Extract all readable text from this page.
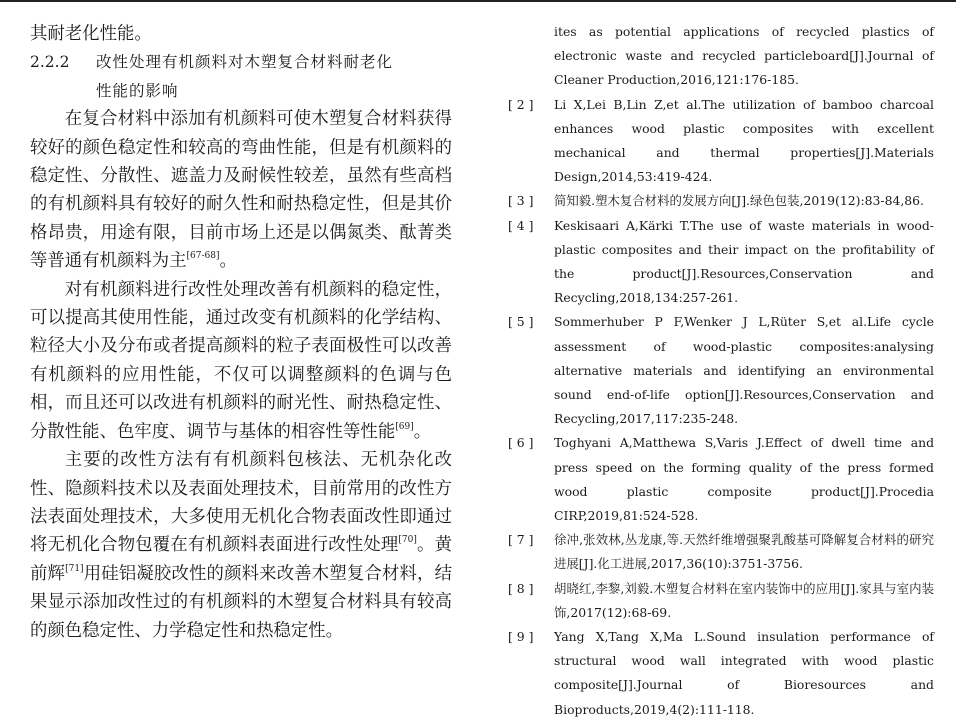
其耐老化性能。

2.2.2 改性处理有机颜料对木塑复合材料耐老化
性能的影响

在复合材料中添加有机颜料可使木塑复合材料获得较好的颜色稳定性和较高的弯曲性能，但是有机颜料的稳定性、分散性、遮盖力及耐候性较差，虽然有些高档的有机颜料具有较好的耐久性和耐热稳定性，但是其价格昂贵，用途有限，目前市场上还是以偶氮类、酞菁类等普通有机颜料为主[67-68]。

对有机颜料进行改性处理改善有机颜料的稳定性，可以提高其使用性能，通过改变有机颜料的化学结构、粒径大小及分布或者提高颜料的粒子表面极性可以改善有机颜料的应用性能，不仅可以调整颜料的色调与色相，而且还可以改进有机颜料的耐光性、耐热稳定性、分散性能、色牢度、调节与基体的相容性等性能[69]。

主要的改性方法有有机颜料包核法、无机杂化改性、隐颜料技术以及表面处理技术，目前常用的改性方法表面处理技术，大多使用无机化合物表面改性即通过将无机化合物包覆在有机颜料表面进行改性处理[70]。黄前辉[71]用硅铝凝胶改性的颜料来改善木塑复合材料，结果显示添加改性过的有机颜料的木塑复合材料具有较高的颜色稳定性、力学稳定性和热稳定性。

ites as potential applications of recycled plastics of electronic waste and recycled particleboard[J].Journal of Cleaner Production,2016,121:176-185.

[ 2 ]	Li X,Lei B,Lin Z,et al.The utilization of bamboo charcoal enhances wood plastic composites with excellent mechanical and thermal properties[J].Materials Design,2014,53:419-424.
[ 3 ]	简知毅.塑木复合材料的发展方向[J].绿色包装,2019(12):83-84,86.
[ 4 ]	Keskisaari A,Kärki T.The use of waste materials in wood-plastic composites and their impact on the profitability of the product[J].Resources,Conservation and Recycling,2018,134:257-261.
[ 5 ]	Sommerhuber P F,Wenker J L,Rüter S,et al.Life cycle assessment of wood-plastic composites:analysing alternative materials and identifying an environmental sound end-of-life option[J].Resources,Conservation and Recycling,2017,117:235-248.
[ 6 ]	Toghyani A,Matthewa S,Varis J.Effect of dwell time and press speed on the forming quality of the press formed wood plastic composite product[J].Procedia CIRP,2019,81:524-528.
[ 7 ]	徐冲,张效林,丛龙康,等.天然纤维增强聚乳酸基可降解复合材料的研究进展[J].化工进展,2017,36(10):3751-3756.
[ 8 ]	胡晓红,李黎,刘毅.木塑复合材料在室内装饰中的应用[J].家具与室内装饰,2017(12):68-69.
[ 9 ]	Yang X,Tang X,Ma L.Sound insulation performance of structural wood wall integrated with wood plastic composite[J].Journal of Bioresources and Bioproducts,2019,4(2):111-118.
